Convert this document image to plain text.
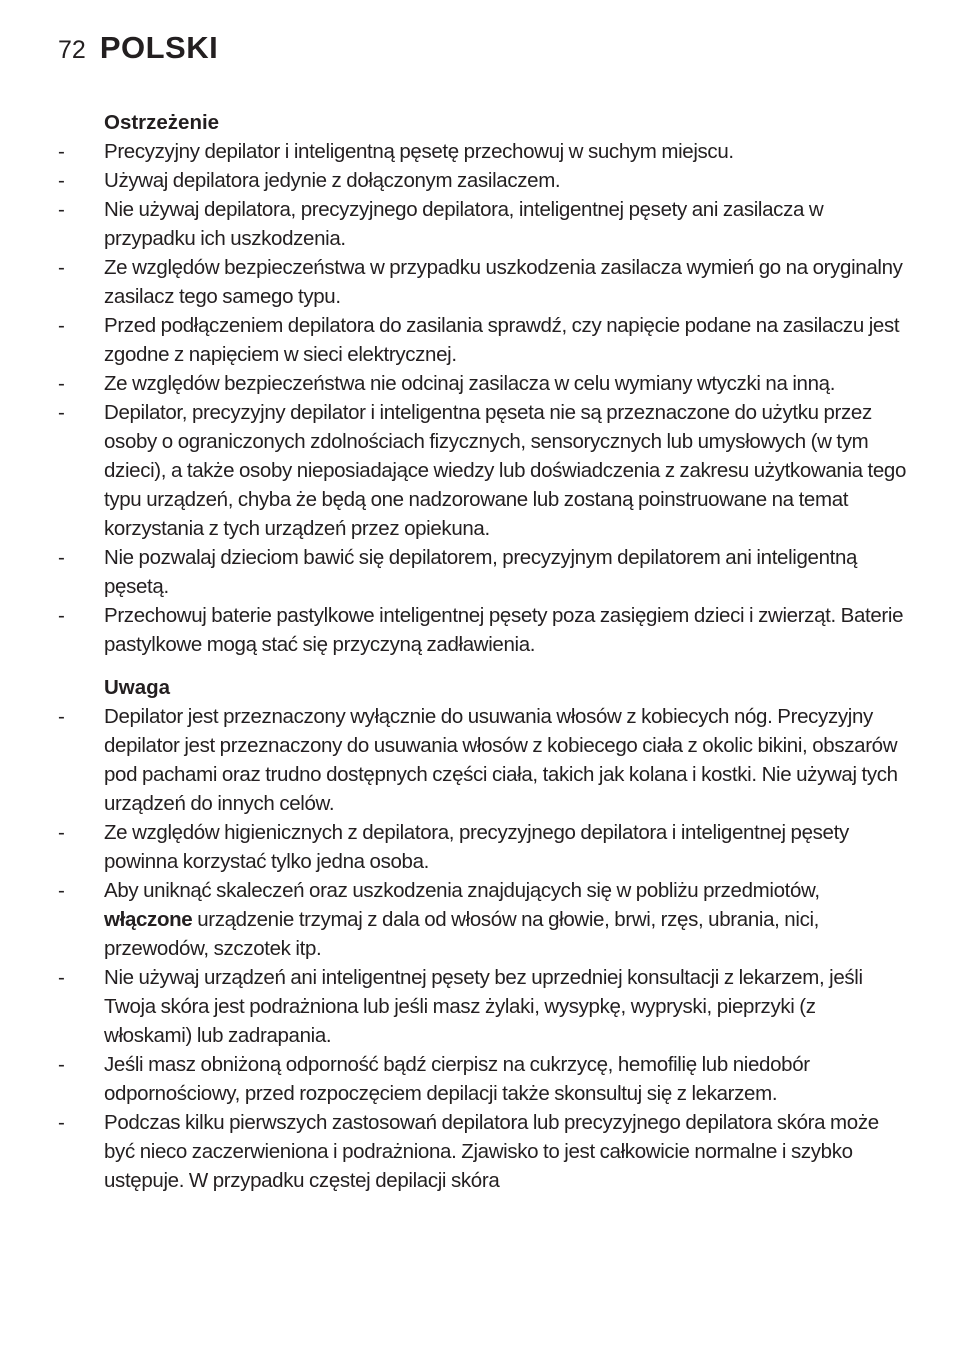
72 POLSKI

Ostrzeżenie

- Precyzyjny depilator i inteligentną pęsetę przechowuj w suchym miejscu.
- Używaj depilatora jedynie z dołączonym zasilaczem.
- Nie używaj depilatora, precyzyjnego depilatora, inteligentnej pęsety ani zasilacza w przypadku ich uszkodzenia.
- Ze względów bezpieczeństwa w przypadku uszkodzenia zasilacza wymień go na oryginalny zasilacz tego samego typu.
- Przed podłączeniem depilatora do zasilania sprawdź, czy napięcie podane na zasilaczu jest zgodne z napięciem w sieci elektrycznej.
- Ze względów bezpieczeństwa nie odcinaj zasilacza w celu wymiany wtyczki na inną.
- Depilator, precyzyjny depilator i inteligentna pęseta nie są przeznaczone do użytku przez osoby o ograniczonych zdolnościach fizycznych, sensorycznych lub umysłowych (w tym dzieci), a także osoby nieposiadające wiedzy lub doświadczenia z zakresu użytkowania tego typu urządzeń, chyba że będą one nadzorowane lub zostaną poinstruowane na temat korzystania z tych urządzeń przez opiekuna.
- Nie pozwalaj dzieciom bawić się depilatorem, precyzyjnym depilatorem ani inteligentną pęsetą.
- Przechowuj baterie pastylkowe inteligentnej pęsety poza zasięgiem dzieci i zwierząt. Baterie pastylkowe mogą stać się przyczyną zadławienia.

Uwaga

- Depilator jest przeznaczony wyłącznie do usuwania włosów z kobiecych nóg. Precyzyjny depilator jest przeznaczony do usuwania włosów z kobiecego ciała z okolic bikini, obszarów pod pachami oraz trudno dostępnych części ciała, takich jak kolana i kostki. Nie używaj tych urządzeń do innych celów.
- Ze względów higienicznych z depilatora, precyzyjnego depilatora i inteligentnej pęsety powinna korzystać tylko jedna osoba.
- Aby uniknąć skaleczeń oraz uszkodzenia znajdujących się w pobliżu przedmiotów, włączone urządzenie trzymaj z dala od włosów na głowie, brwi, rzęs, ubrania, nici, przewodów, szczotek itp.
- Nie używaj urządzeń ani inteligentnej pęsety bez uprzedniej konsultacji z lekarzem, jeśli Twoja skóra jest podrażniona lub jeśli masz żylaki, wysypkę, wypryski, pieprzyki (z włoskami) lub zadrapania.
- Jeśli masz obniżoną odporność bądź cierpisz na cukrzycę, hemofilię lub niedobór odpornościowy, przed rozpoczęciem depilacji także skonsultuj się z lekarzem.
- Podczas kilku pierwszych zastosowań depilatora lub precyzyjnego depilatora skóra może być nieco zaczerwieniona i podrażniona. Zjawisko to jest całkowicie normalne i szybko ustępuje. W przypadku częstej depilacji skóra
